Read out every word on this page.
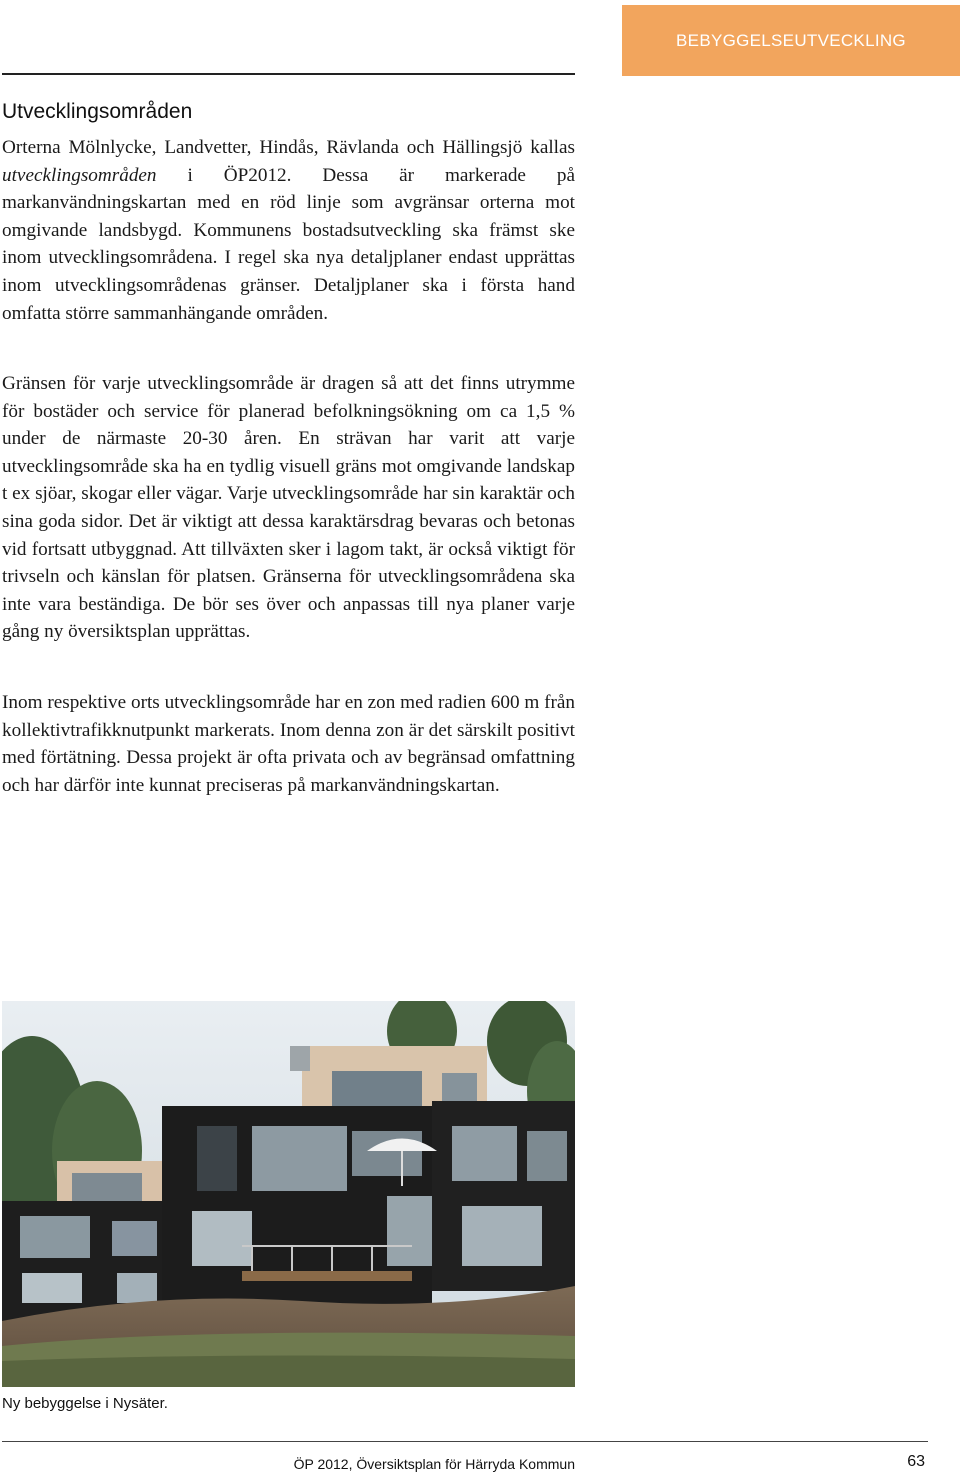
BEBYGGELSEUTVECKLING
Utvecklingsområden

Orterna Mölnlycke, Landvetter, Hindås, Rävlanda och Hällingsjö kallas utvecklingsområden i ÖP2012. Dessa är markerade på markanvändningskartan med en röd linje som avgränsar orterna mot omgivande landsbygd. Kommunens bostadsutveckling ska främst ske inom utvecklingsområdena. I regel ska nya detaljplaner endast upprättas inom utvecklingsområdenas gränser. Detaljplaner ska i första hand omfatta större sammanhängande områden.

Gränsen för varje utvecklingsområde är dragen så att det finns utrymme för bostäder och service för planerad befolkningsökning om ca 1,5 % under de närmaste 20-30 åren. En strävan har varit att varje utvecklingsområde ska ha en tydlig visuell gräns mot omgivande landskap t ex sjöar, skogar eller vägar. Varje utvecklingsområde har sin karaktär och sina goda sidor. Det är viktigt att dessa karaktärsdrag bevaras och betonas vid fortsatt utbyggnad. Att tillväxten sker i lagom takt, är också viktigt för trivseln och känslan för platsen. Gränserna för utvecklingsområdena ska inte vara beständiga. De bör ses över och anpassas till nya planer varje gång ny översiktsplan upprättas.

Inom respektive orts utvecklingsområde har en zon med radien 600 m från kollektivtrafikknutpunkt markerats. Inom denna zon är det särskilt positivt med förtätning. Dessa projekt är ofta privata och av begränsad omfattning och har därför inte kunnat preciseras på markanvändningskartan.

Ny bebyggelse i Nysäter.
ÖP 2012, Översiktsplan för Härryda Kommun	63
